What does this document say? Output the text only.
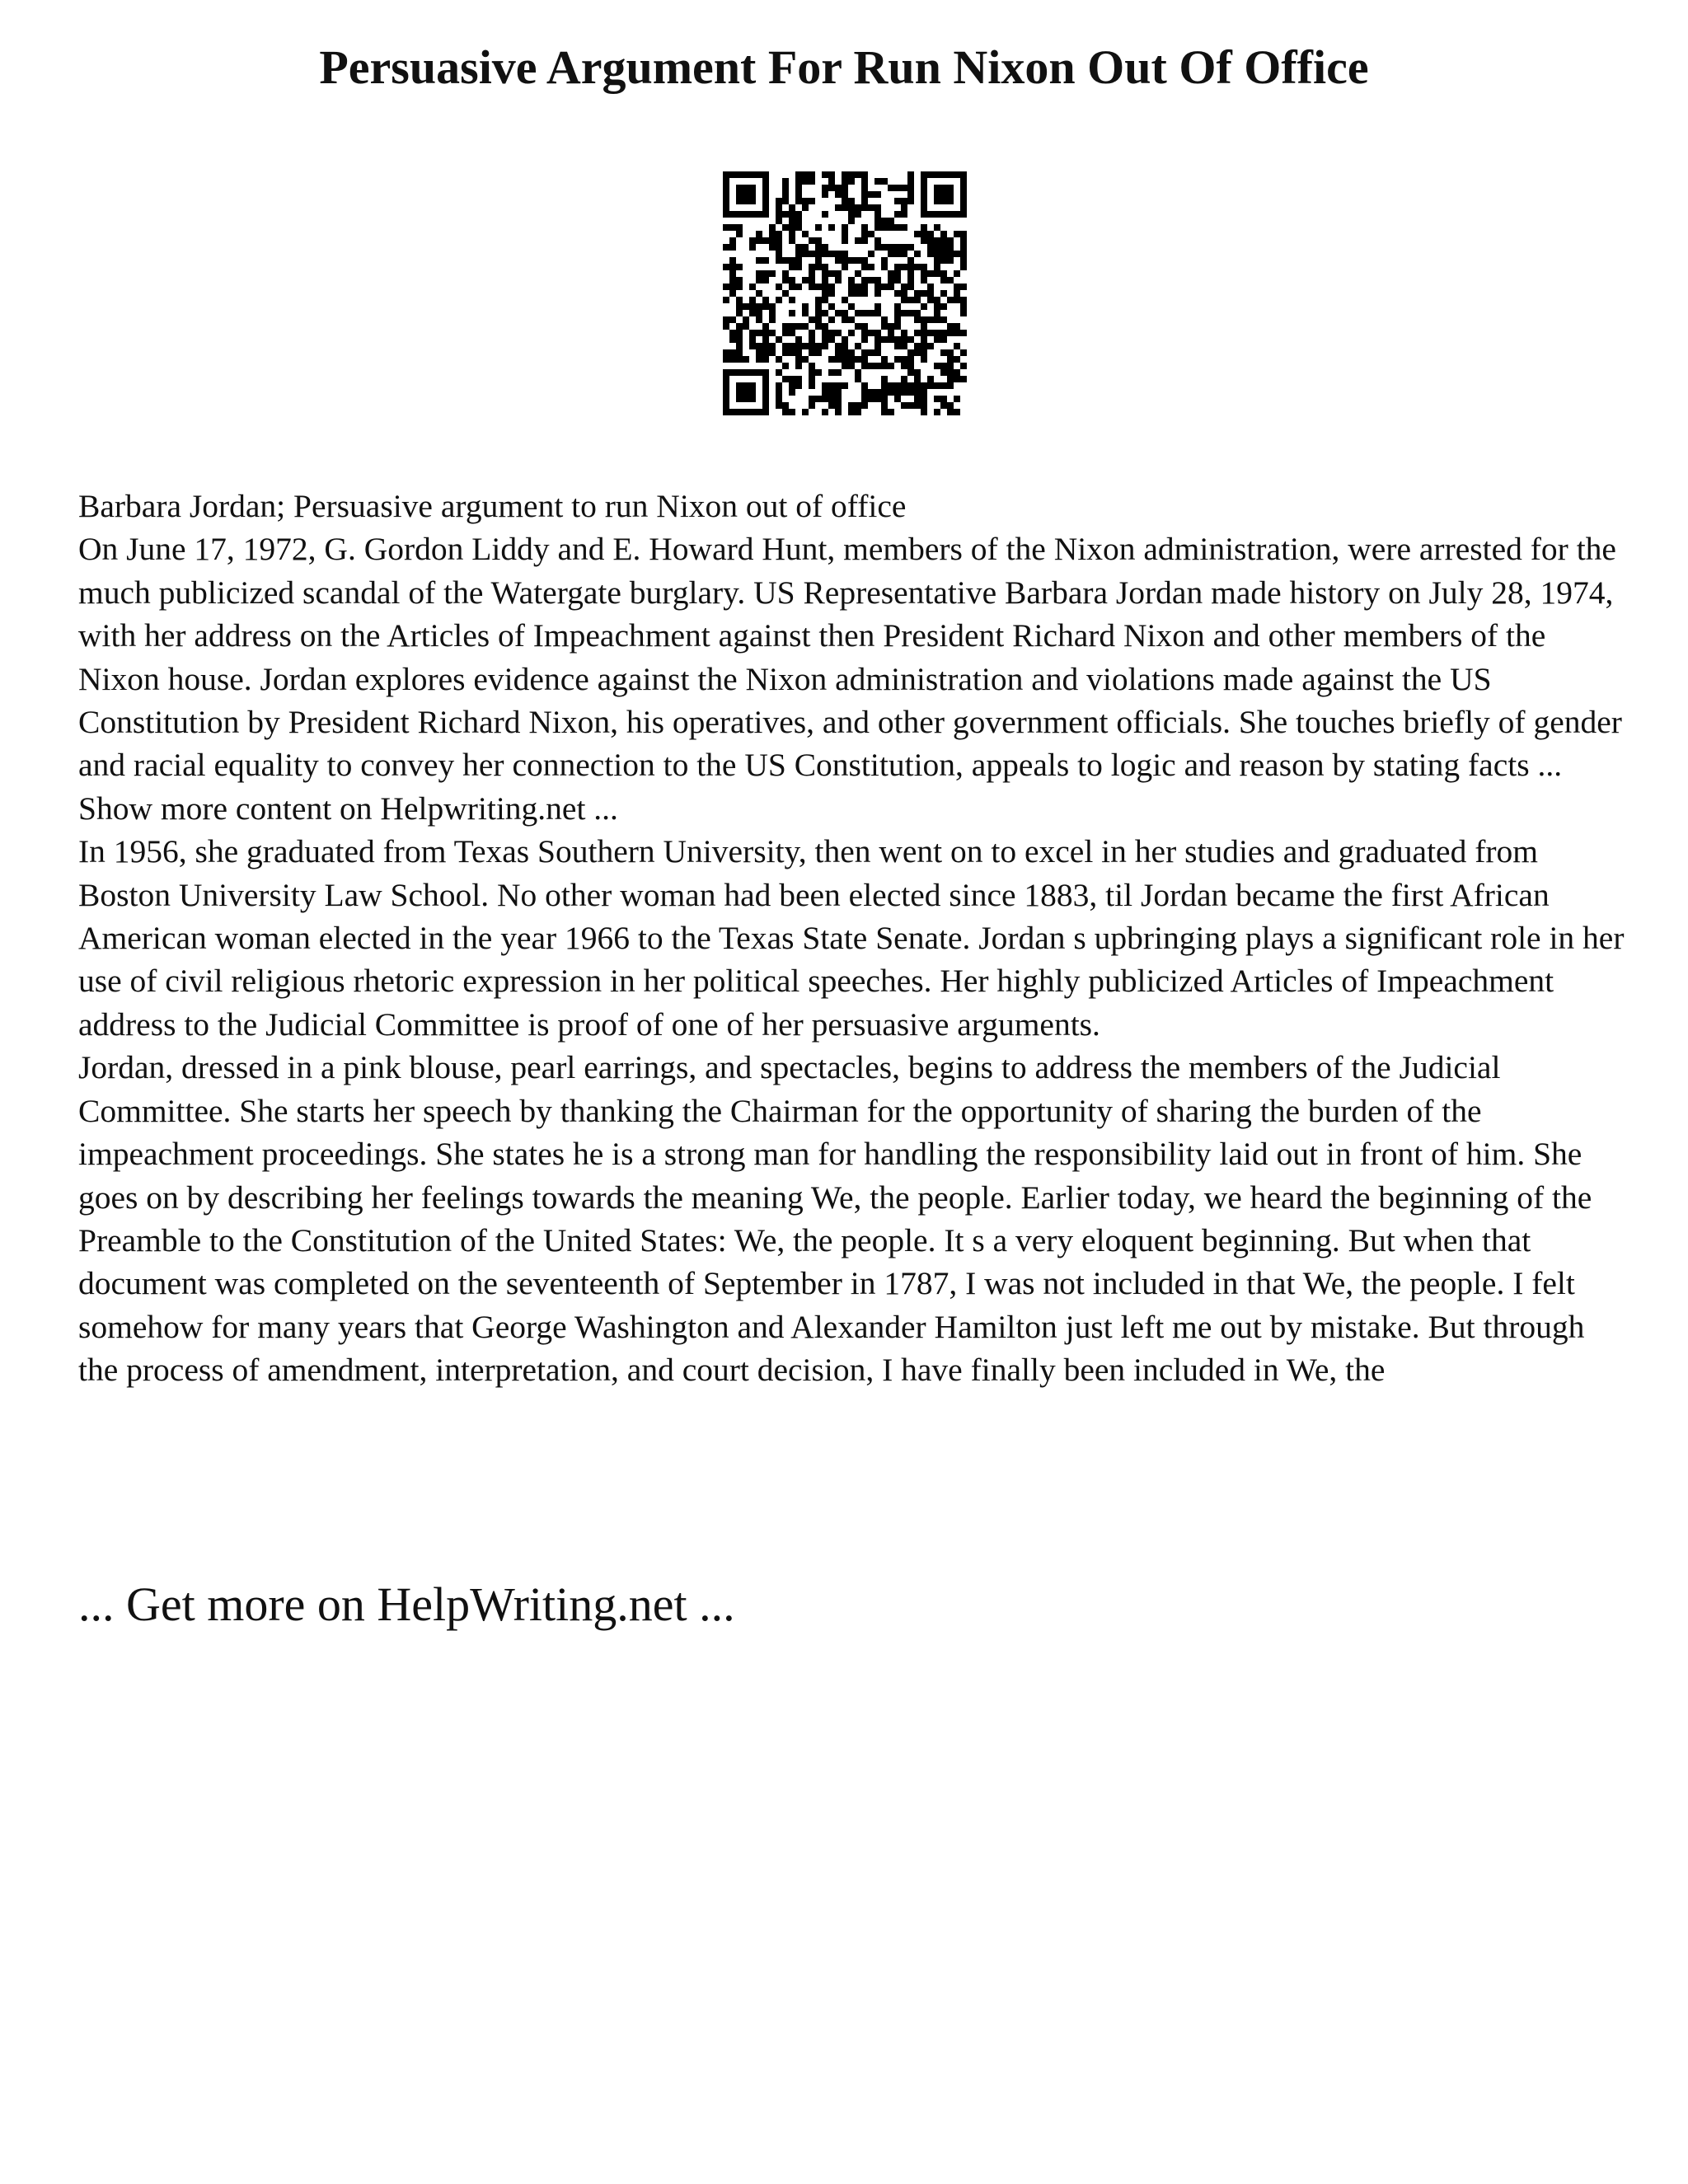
Persuasive Argument For Run Nixon Out Of Office

Barbara Jordan; Persuasive argument to run Nixon out of office

On June 17, 1972, G. Gordon Liddy and E. Howard Hunt, members of the Nixon administration, were arrested for the much publicized scandal of the Watergate burglary. US Representative Barbara Jordan made history on July 28, 1974, with her address on the Articles of Impeachment against then President Richard Nixon and other members of the Nixon house. Jordan explores evidence against the Nixon administration and violations made against the US Constitution by President Richard Nixon, his operatives, and other government officials. She touches briefly of gender and racial equality to convey her connection to the US Constitution, appeals to logic and reason by stating facts ... Show more content on Helpwriting.net ...

In 1956, she graduated from Texas Southern University, then went on to excel in her studies and graduated from Boston University Law School. No other woman had been elected since 1883, til Jordan became the first African American woman elected in the year 1966 to the Texas State Senate. Jordan s upbringing plays a significant role in her use of civil religious rhetoric expression in her political speeches. Her highly publicized Articles of Impeachment address to the Judicial Committee is proof of one of her persuasive arguments.

Jordan, dressed in a pink blouse, pearl earrings, and spectacles, begins to address the members of the Judicial Committee. She starts her speech by thanking the Chairman for the opportunity of sharing the burden of the impeachment proceedings. She states he is a strong man for handling the responsibility laid out in front of him. She goes on by describing her feelings towards the meaning We, the people. Earlier today, we heard the beginning of the Preamble to the Constitution of the United States: We, the people. It s a very eloquent beginning. But when that document was completed on the seventeenth of September in 1787, I was not included in that We, the people. I felt somehow for many years that George Washington and Alexander Hamilton just left me out by mistake. But through the process of amendment, interpretation, and court decision, I have finally been included in We, the

... Get more on HelpWriting.net ...
